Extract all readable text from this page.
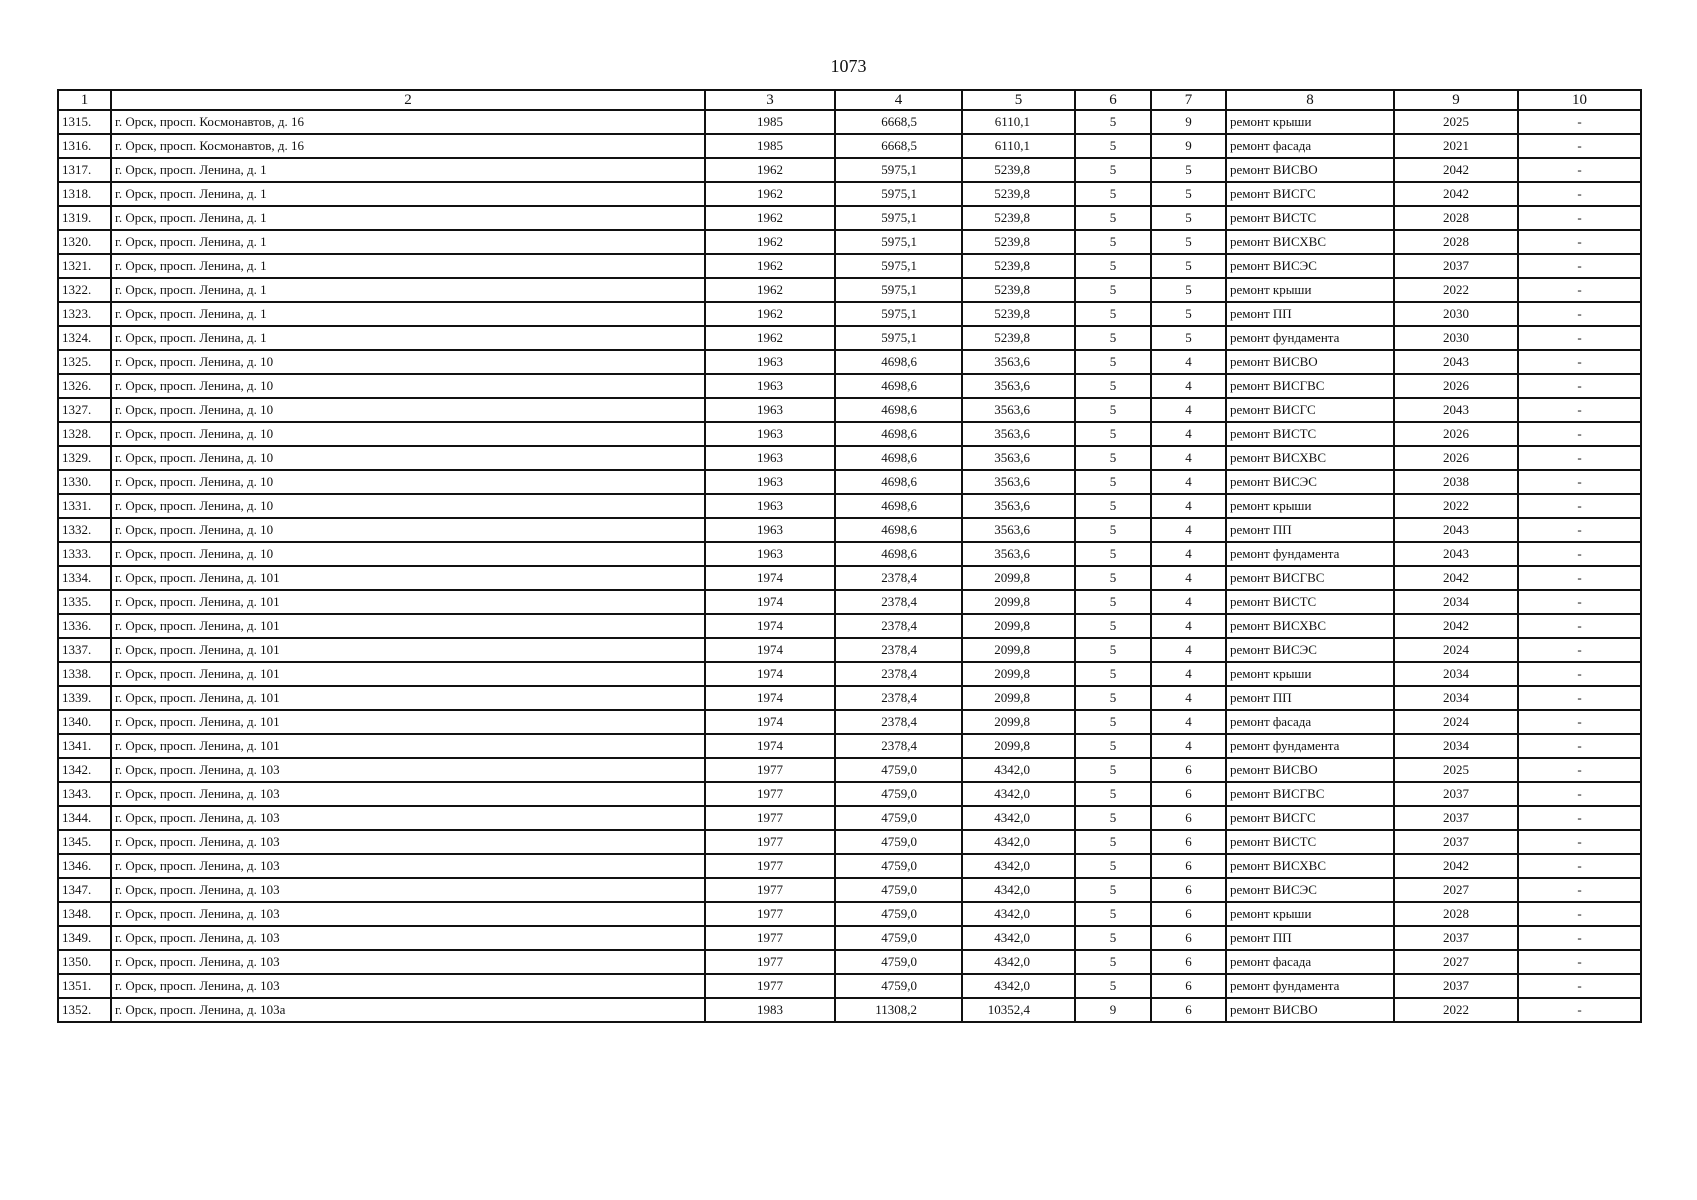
1073
1	2	3	4	5	6	7	8	9	10
1315.	г. Орск, просп. Космонавтов, д. 16	1985	6668,5	6110,1	5	9	ремонт крыши	2025	-
1316.	г. Орск, просп. Космонавтов, д. 16	1985	6668,5	6110,1	5	9	ремонт фасада	2021	-
1317.	г. Орск, просп. Ленина, д. 1	1962	5975,1	5239,8	5	5	ремонт ВИСВО	2042	-
1318.	г. Орск, просп. Ленина, д. 1	1962	5975,1	5239,8	5	5	ремонт ВИСГС	2042	-
1319.	г. Орск, просп. Ленина, д. 1	1962	5975,1	5239,8	5	5	ремонт ВИСТС	2028	-
1320.	г. Орск, просп. Ленина, д. 1	1962	5975,1	5239,8	5	5	ремонт ВИСХВС	2028	-
1321.	г. Орск, просп. Ленина, д. 1	1962	5975,1	5239,8	5	5	ремонт ВИСЭС	2037	-
1322.	г. Орск, просп. Ленина, д. 1	1962	5975,1	5239,8	5	5	ремонт крыши	2022	-
1323.	г. Орск, просп. Ленина, д. 1	1962	5975,1	5239,8	5	5	ремонт ПП	2030	-
1324.	г. Орск, просп. Ленина, д. 1	1962	5975,1	5239,8	5	5	ремонт фундамента	2030	-
1325.	г. Орск, просп. Ленина, д. 10	1963	4698,6	3563,6	5	4	ремонт ВИСВО	2043	-
1326.	г. Орск, просп. Ленина, д. 10	1963	4698,6	3563,6	5	4	ремонт ВИСГВС	2026	-
1327.	г. Орск, просп. Ленина, д. 10	1963	4698,6	3563,6	5	4	ремонт ВИСГС	2043	-
1328.	г. Орск, просп. Ленина, д. 10	1963	4698,6	3563,6	5	4	ремонт ВИСТС	2026	-
1329.	г. Орск, просп. Ленина, д. 10	1963	4698,6	3563,6	5	4	ремонт ВИСХВС	2026	-
1330.	г. Орск, просп. Ленина, д. 10	1963	4698,6	3563,6	5	4	ремонт ВИСЭС	2038	-
1331.	г. Орск, просп. Ленина, д. 10	1963	4698,6	3563,6	5	4	ремонт крыши	2022	-
1332.	г. Орск, просп. Ленина, д. 10	1963	4698,6	3563,6	5	4	ремонт ПП	2043	-
1333.	г. Орск, просп. Ленина, д. 10	1963	4698,6	3563,6	5	4	ремонт фундамента	2043	-
1334.	г. Орск, просп. Ленина, д. 101	1974	2378,4	2099,8	5	4	ремонт ВИСГВС	2042	-
1335.	г. Орск, просп. Ленина, д. 101	1974	2378,4	2099,8	5	4	ремонт ВИСТС	2034	-
1336.	г. Орск, просп. Ленина, д. 101	1974	2378,4	2099,8	5	4	ремонт ВИСХВС	2042	-
1337.	г. Орск, просп. Ленина, д. 101	1974	2378,4	2099,8	5	4	ремонт ВИСЭС	2024	-
1338.	г. Орск, просп. Ленина, д. 101	1974	2378,4	2099,8	5	4	ремонт крыши	2034	-
1339.	г. Орск, просп. Ленина, д. 101	1974	2378,4	2099,8	5	4	ремонт ПП	2034	-
1340.	г. Орск, просп. Ленина, д. 101	1974	2378,4	2099,8	5	4	ремонт фасада	2024	-
1341.	г. Орск, просп. Ленина, д. 101	1974	2378,4	2099,8	5	4	ремонт фундамента	2034	-
1342.	г. Орск, просп. Ленина, д. 103	1977	4759,0	4342,0	5	6	ремонт ВИСВО	2025	-
1343.	г. Орск, просп. Ленина, д. 103	1977	4759,0	4342,0	5	6	ремонт ВИСГВС	2037	-
1344.	г. Орск, просп. Ленина, д. 103	1977	4759,0	4342,0	5	6	ремонт ВИСГС	2037	-
1345.	г. Орск, просп. Ленина, д. 103	1977	4759,0	4342,0	5	6	ремонт ВИСТС	2037	-
1346.	г. Орск, просп. Ленина, д. 103	1977	4759,0	4342,0	5	6	ремонт ВИСХВС	2042	-
1347.	г. Орск, просп. Ленина, д. 103	1977	4759,0	4342,0	5	6	ремонт ВИСЭС	2027	-
1348.	г. Орск, просп. Ленина, д. 103	1977	4759,0	4342,0	5	6	ремонт крыши	2028	-
1349.	г. Орск, просп. Ленина, д. 103	1977	4759,0	4342,0	5	6	ремонт ПП	2037	-
1350.	г. Орск, просп. Ленина, д. 103	1977	4759,0	4342,0	5	6	ремонт фасада	2027	-
1351.	г. Орск, просп. Ленина, д. 103	1977	4759,0	4342,0	5	6	ремонт фундамента	2037	-
1352.	г. Орск, просп. Ленина, д. 103а	1983	11308,2	10352,4	9	6	ремонт ВИСВО	2022	-
